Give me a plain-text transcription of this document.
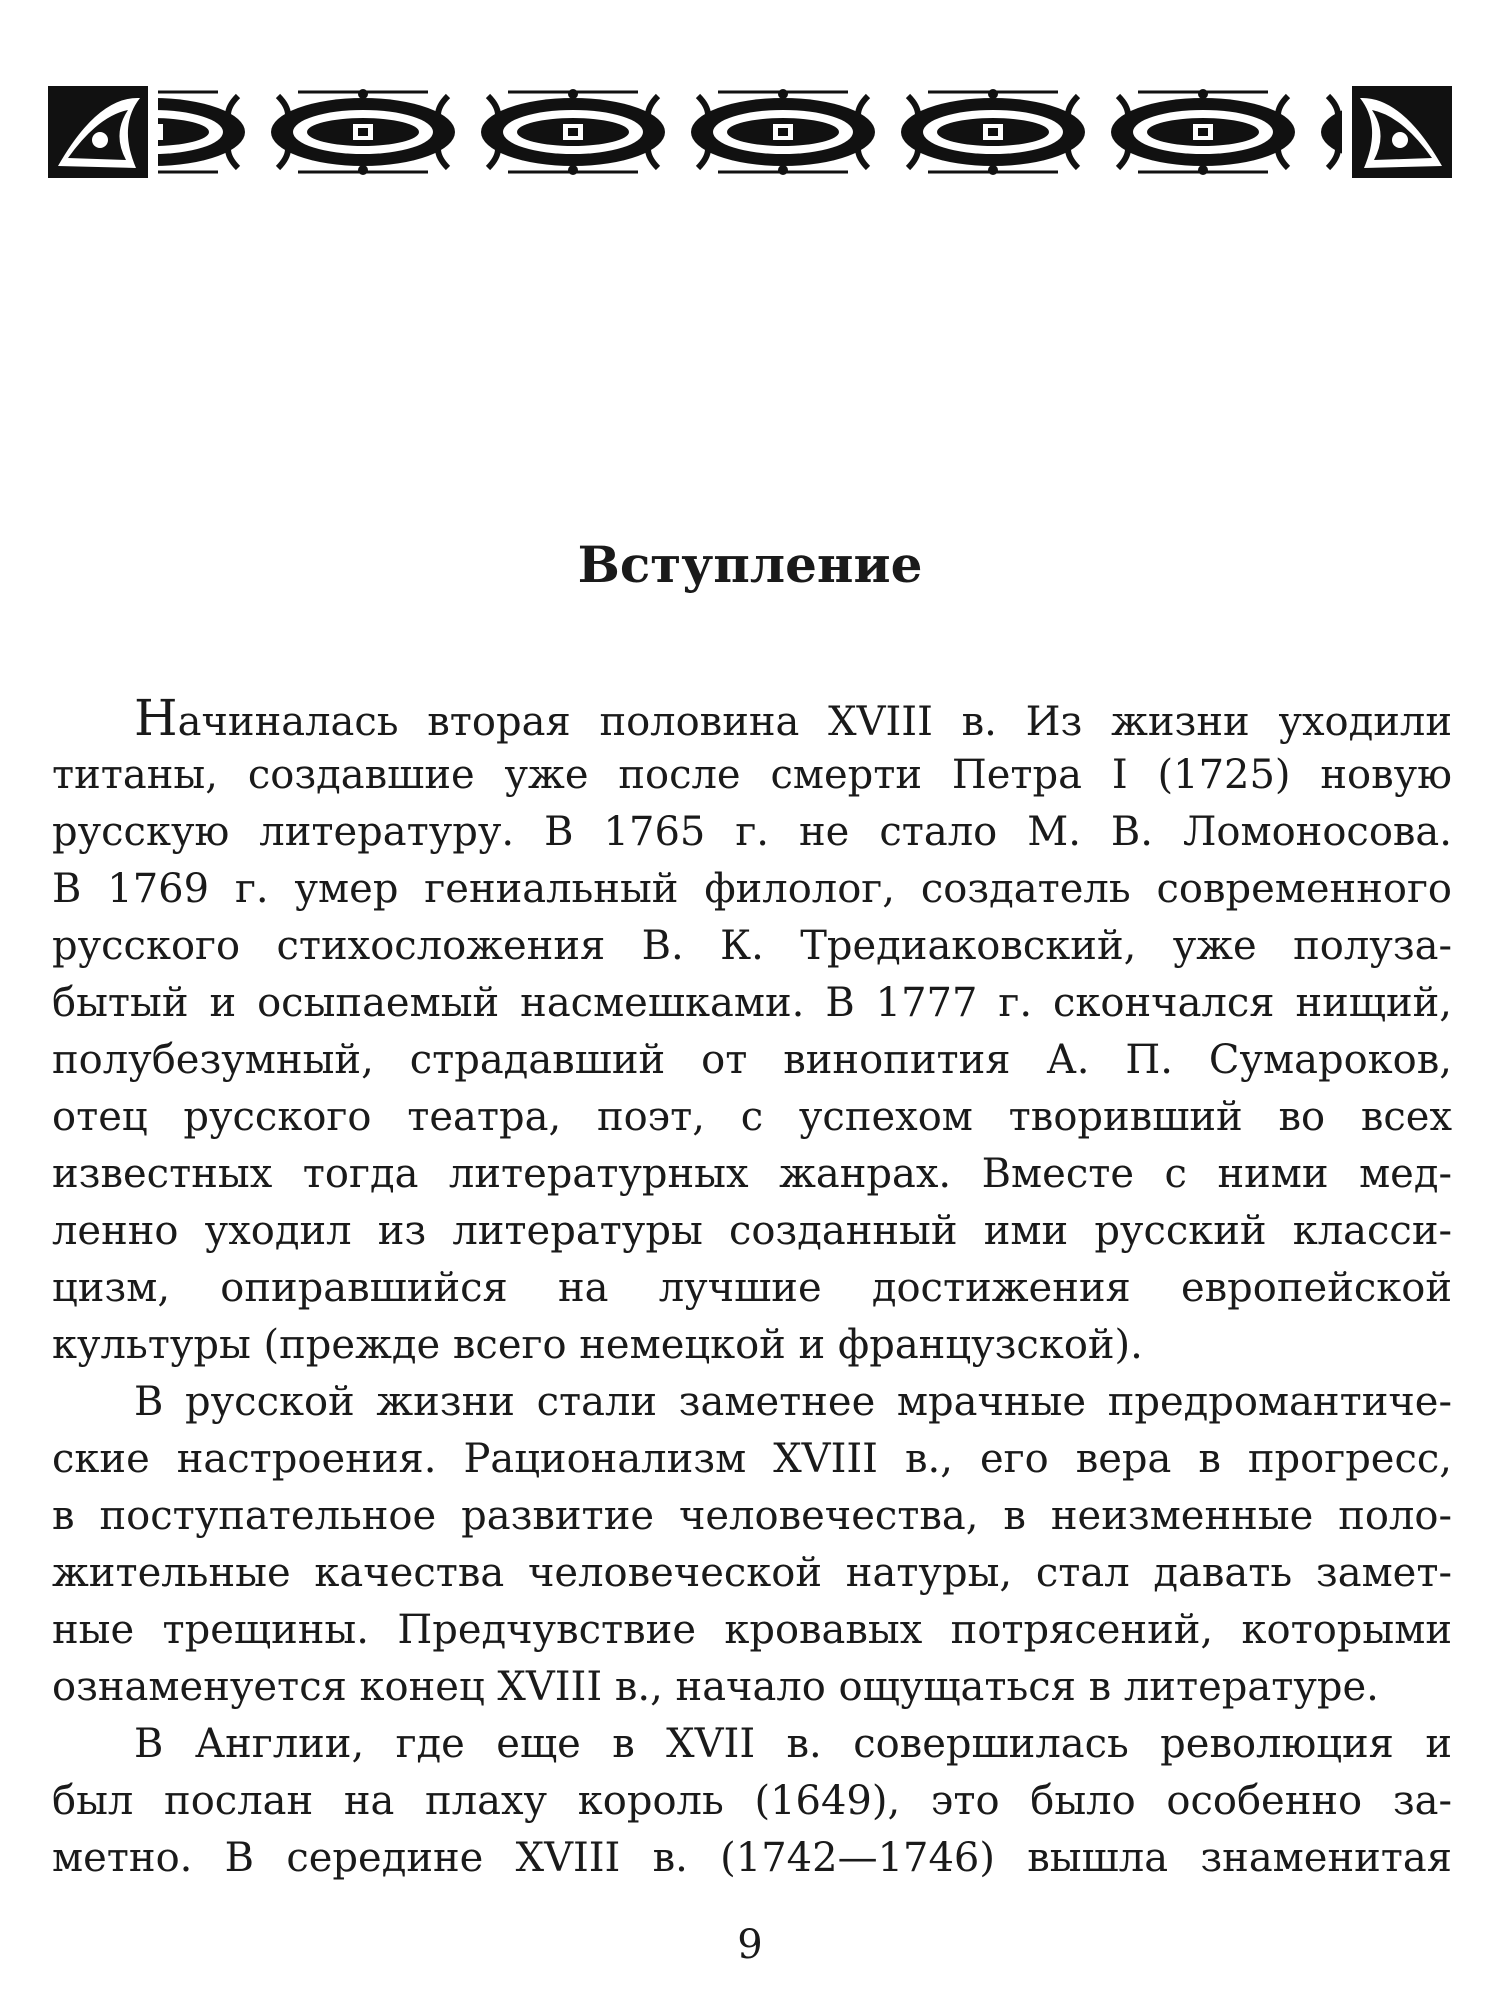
Вступление
Начиналась вторая половина XVIII в. Из жизни уходили
титаны, создавшие уже после смерти Петра I (1725) новую
русскую литературу. В 1765 г. не стало М. В. Ломоносова.
В 1769 г. умер гениальный филолог, создатель современного
русского стихосложения В. К. Тредиаковский, уже полуза-
бытый и осыпаемый насмешками. В 1777 г. скончался нищий,
полубезумный, страдавший от винопития А. П. Сумароков,
отец русского театра, поэт, с успехом творивший во всех
известных тогда литературных жанрах. Вместе с ними мед-
ленно уходил из литературы созданный ими русский класси-
цизм, опиравшийся на лучшие достижения европейской
культуры (прежде всего немецкой и французской).
В русской жизни стали заметнее мрачные предромантиче-
ские настроения. Рационализм XVIII в., его вера в прогресс,
в поступательное развитие человечества, в неизменные поло-
жительные качества человеческой натуры, стал давать замет-
ные трещины. Предчувствие кровавых потрясений, которыми
ознаменуется конец XVIII в., начало ощущаться в литературе.
В Англии, где еще в XVII в. совершилась революция и
был послан на плаху король (1649), это было особенно за-
метно. В середине XVIII в. (1742—1746) вышла знаменитая
9
